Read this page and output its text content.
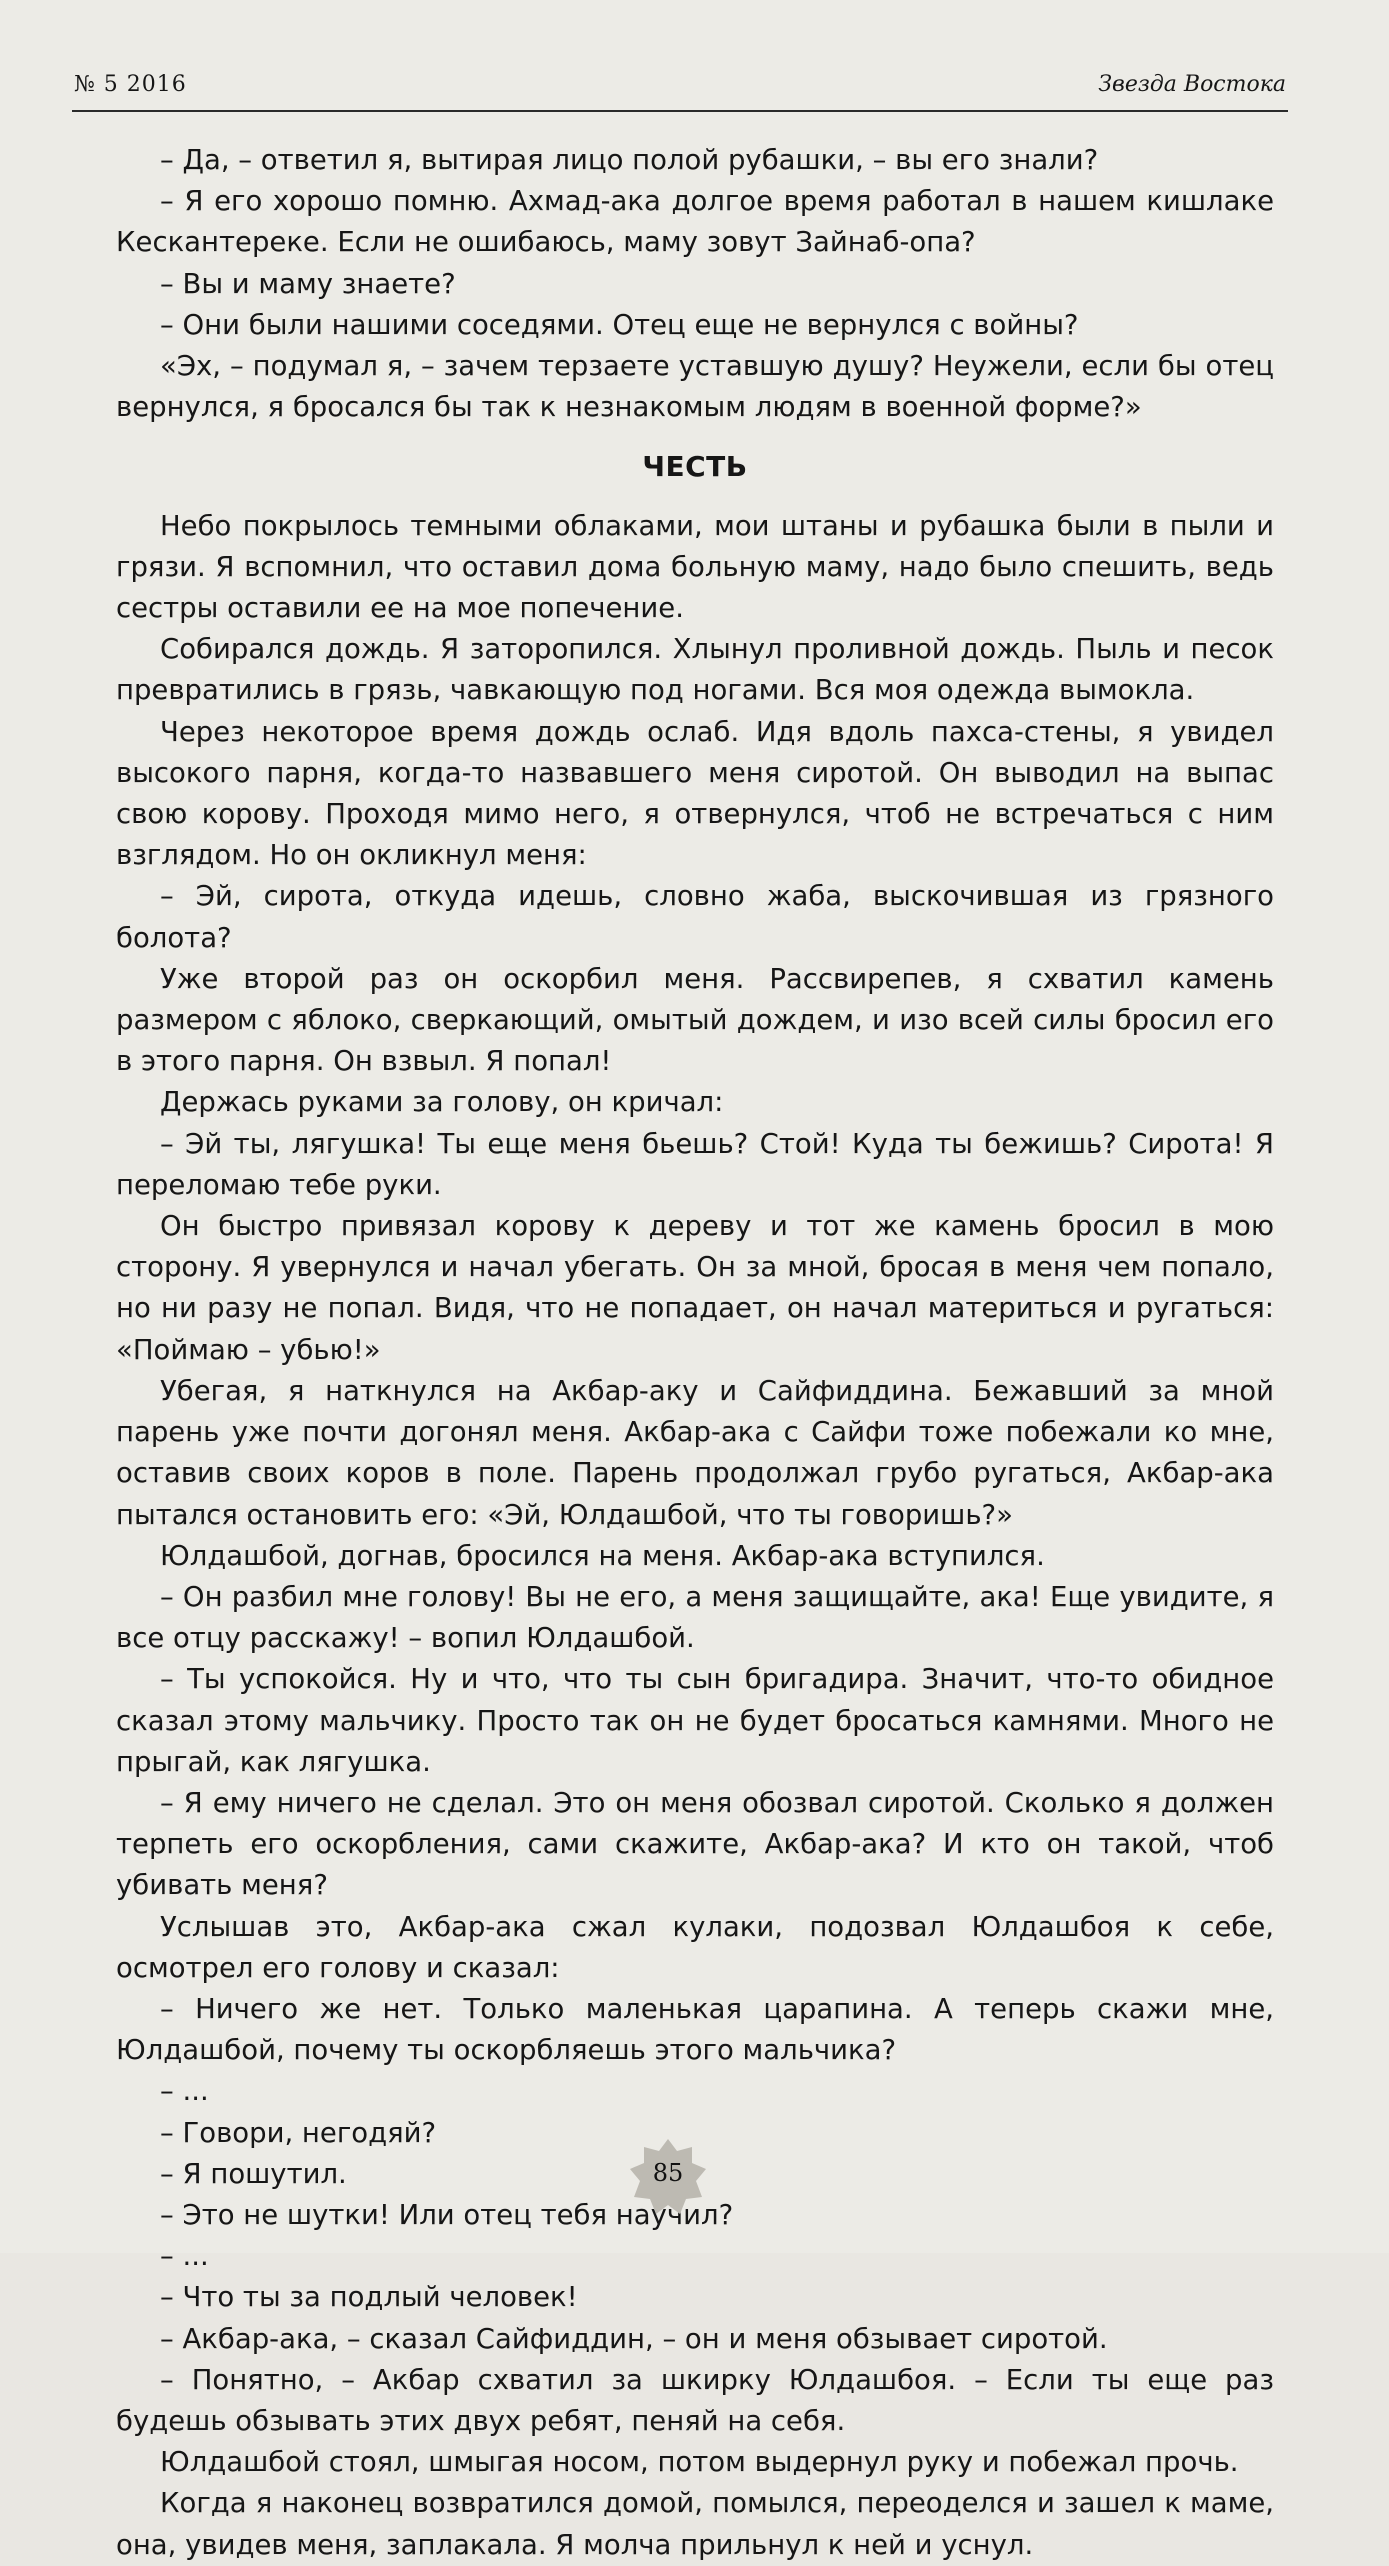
№ 5 2016	Звезда Востока

– Да, – ответил я, вытирая лицо полой рубашки, – вы его знали?

– Я его хорошо помню. Ахмад-ака долгое время работал в нашем кишлаке Кескантереке. Если не ошибаюсь, маму зовут Зайнаб-опа?

– Вы и маму знаете?

– Они были нашими соседями. Отец еще не вернулся с войны?

«Эх, – подумал я, – зачем терзаете уставшую душу? Неужели, если бы отец вернулся, я бросался бы так к незнакомым людям в военной форме?»

ЧЕСТЬ

Небо покрылось темными облаками, мои штаны и рубашка были в пыли и грязи. Я вспомнил, что оставил дома больную маму, надо было спешить, ведь сестры оставили ее на мое попечение.

Собирался дождь. Я заторопился. Хлынул проливной дождь. Пыль и песок превратились в грязь, чавкающую под ногами. Вся моя одежда вымокла.

Через некоторое время дождь ослаб. Идя вдоль пахса-стены, я увидел высокого парня, когда-то назвавшего меня сиротой. Он выводил на выпас свою корову. Проходя мимо него, я отвернулся, чтоб не встречаться с ним взглядом. Но он окликнул меня:

– Эй, сирота, откуда идешь, словно жаба, выскочившая из грязного болота?

Уже второй раз он оскорбил меня. Рассвирепев, я схватил камень размером с яблоко, сверкающий, омытый дождем, и изо всей силы бросил его в этого парня. Он взвыл. Я попал!

Держась руками за голову, он кричал:

– Эй ты, лягушка! Ты еще меня бьешь? Стой! Куда ты бежишь? Сирота! Я переломаю тебе руки.

Он быстро привязал корову к дереву и тот же камень бросил в мою сторону. Я увернулся и начал убегать. Он за мной, бросая в меня чем попало, но ни разу не попал. Видя, что не попадает, он начал материться и ругаться: «Поймаю – убью!»

Убегая, я наткнулся на Акбар-аку и Сайфиддина. Бежавший за мной парень уже почти догонял меня. Акбар-ака с Сайфи тоже побежали ко мне, оставив своих коров в поле. Парень продолжал грубо ругаться, Акбар-ака пытался остановить его: «Эй, Юлдашбой, что ты говоришь?»

Юлдашбой, догнав, бросился на меня. Акбар-ака вступился.

– Он разбил мне голову! Вы не его, а меня защищайте, ака! Еще увидите, я все отцу расскажу! – вопил Юлдашбой.

– Ты успокойся. Ну и что, что ты сын бригадира. Значит, что-то обидное сказал этому мальчику. Просто так он не будет бросаться камнями. Много не прыгай, как лягушка.

– Я ему ничего не сделал. Это он меня обозвал сиротой. Сколько я должен терпеть его оскорбления, сами скажите, Акбар-ака? И кто он такой, чтоб убивать меня?

Услышав это, Акбар-ака сжал кулаки, подозвал Юлдашбоя к себе, осмотрел его голову и сказал:

– Ничего же нет. Только маленькая царапина. А теперь скажи мне, Юлдашбой, почему ты оскорбляешь этого мальчика?

– ...

– Говори, негодяй?

– Я пошутил.

– Это не шутки! Или отец тебя научил?

– ...

– Что ты за подлый человек!

– Акбар-ака, – сказал Сайфиддин, – он и меня обзывает сиротой.

– Понятно, – Акбар схватил за шкирку Юлдашбоя. – Если ты еще раз будешь обзывать этих двух ребят, пеняй на себя.

Юлдашбой стоял, шмыгая носом, потом выдернул руку и побежал прочь.

Когда я наконец возвратился домой, помылся, переоделся и зашел к маме, она, увидев меня, заплакала. Я молча прильнул к ней и уснул.

85
